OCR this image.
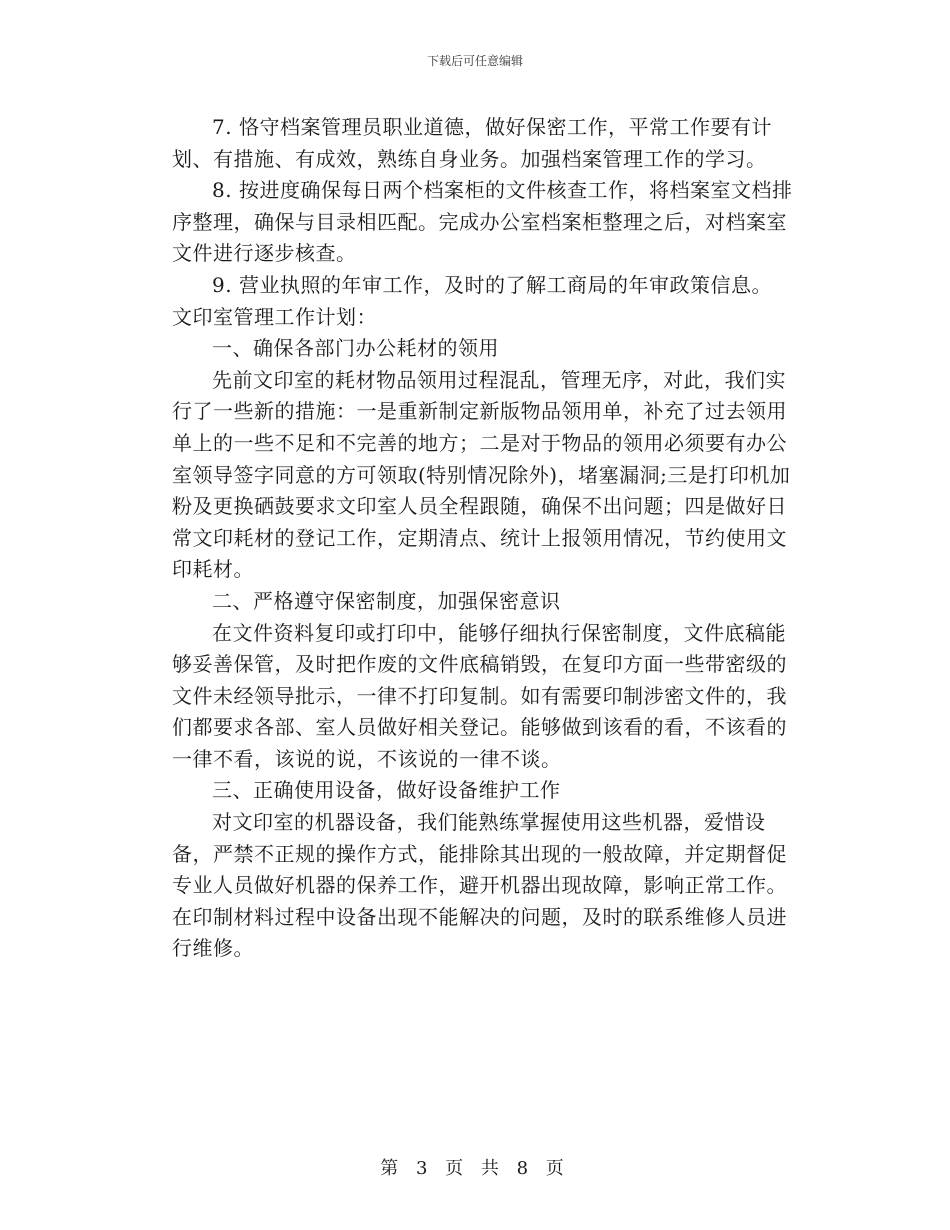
下载后可任意编辑

7. 恪守档案管理员职业道德，做好保密工作，平常工作要有计划、有措施、有成效，熟练自身业务。加强档案管理工作的学习。

8. 按进度确保每日两个档案柜的文件核查工作，将档案室文档排序整理，确保与目录相匹配。完成办公室档案柜整理之后，对档案室文件进行逐步核查。

9. 营业执照的年审工作，及时的了解工商局的年审政策信息。 文印室管理工作计划：

一、确保各部门办公耗材的领用

先前文印室的耗材物品领用过程混乱，管理无序，对此，我们实行了一些新的措施：一是重新制定新版物品领用单，补充了过去领用单上的一些不足和不完善的地方；二是对于物品的领用必须要有办公室领导签字同意的方可领取(特别情况除外)，堵塞漏洞;三是打印机加粉及更换硒鼓要求文印室人员全程跟随，确保不出问题；四是做好日常文印耗材的登记工作，定期清点、统计上报领用情况，节约使用文印耗材。

二、严格遵守保密制度，加强保密意识

在文件资料复印或打印中，能够仔细执行保密制度，文件底稿能够妥善保管，及时把作废的文件底稿销毁，在复印方面一些带密级的文件未经领导批示，一律不打印复制。如有需要印制涉密文件的，我们都要求各部、室人员做好相关登记。能够做到该看的看，不该看的一律不看，该说的说，不该说的一律不谈。

三、正确使用设备，做好设备维护工作

对文印室的机器设备，我们能熟练掌握使用这些机器，爱惜设备，严禁不正规的操作方式，能排除其出现的一般故障，并定期督促专业人员做好机器的保养工作，避开机器出现故障，影响正常工作。在印制材料过程中设备出现不能解决的问题，及时的联系维修人员进行维修。

第 3 页 共 8 页
